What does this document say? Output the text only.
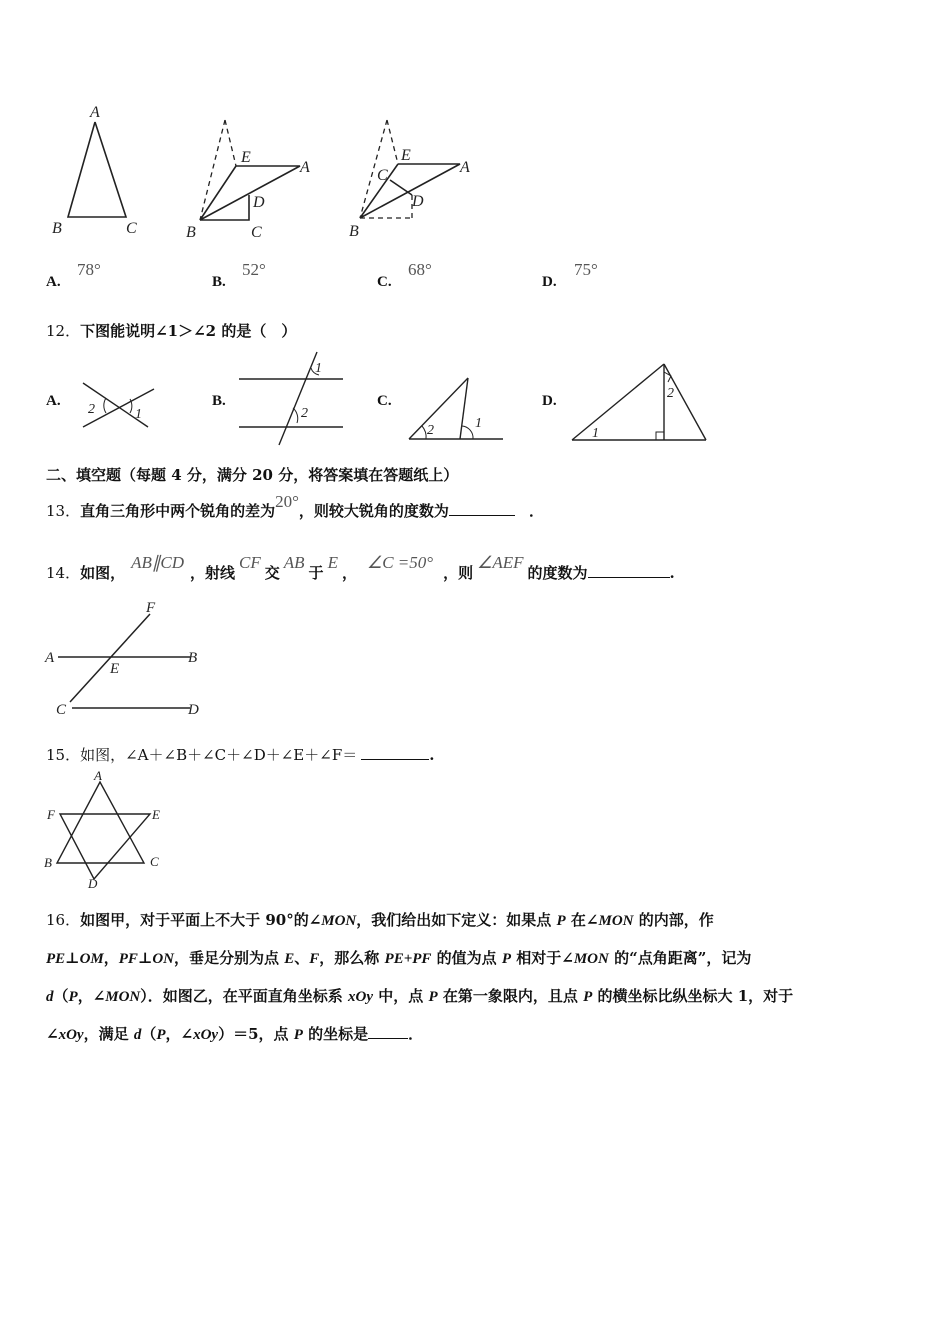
A
B	C
E
A
D
B	C
C
E
A
D
B
A.
78°
B.
52°
C.
68°
D.
75°
12．下图能说明∠1＞∠2 的是（　）
A.
2	1
B.
1
2
C.
2	1
D.	2
1
二、填空题（每题 4 分，满分 20 分，将答案填在答题纸上）
13．直角三角形中两个锐角的差为20°，则较大锐角的度数为	．
14．如图，AB∥CD，射线CF交AB于E，∠C =50°，则∠AEF的度数为	.
F
A
E
B
C	D
15．如图，∠A＋∠B＋∠C＋∠D＋∠E＋∠F＝	.
A
F	E
B	C
D
16．如图甲，对于平面上不大于 90°的∠MON，我们给出如下定义：如果点 P 在∠MON 的内部，作
PE⊥OM，PF⊥ON，垂足分别为点 E、F，那么称 PE+PF 的值为点 P 相对于∠MON 的“点角距离”，记为
d（P，∠MON）．如图乙，在平面直角坐标系 xOy 中，点 P 在第一象限内，且点 P 的横坐标比纵坐标大 1，对于
∠xOy，满足 d（P，∠xOy）＝5，点 P 的坐标是	．
